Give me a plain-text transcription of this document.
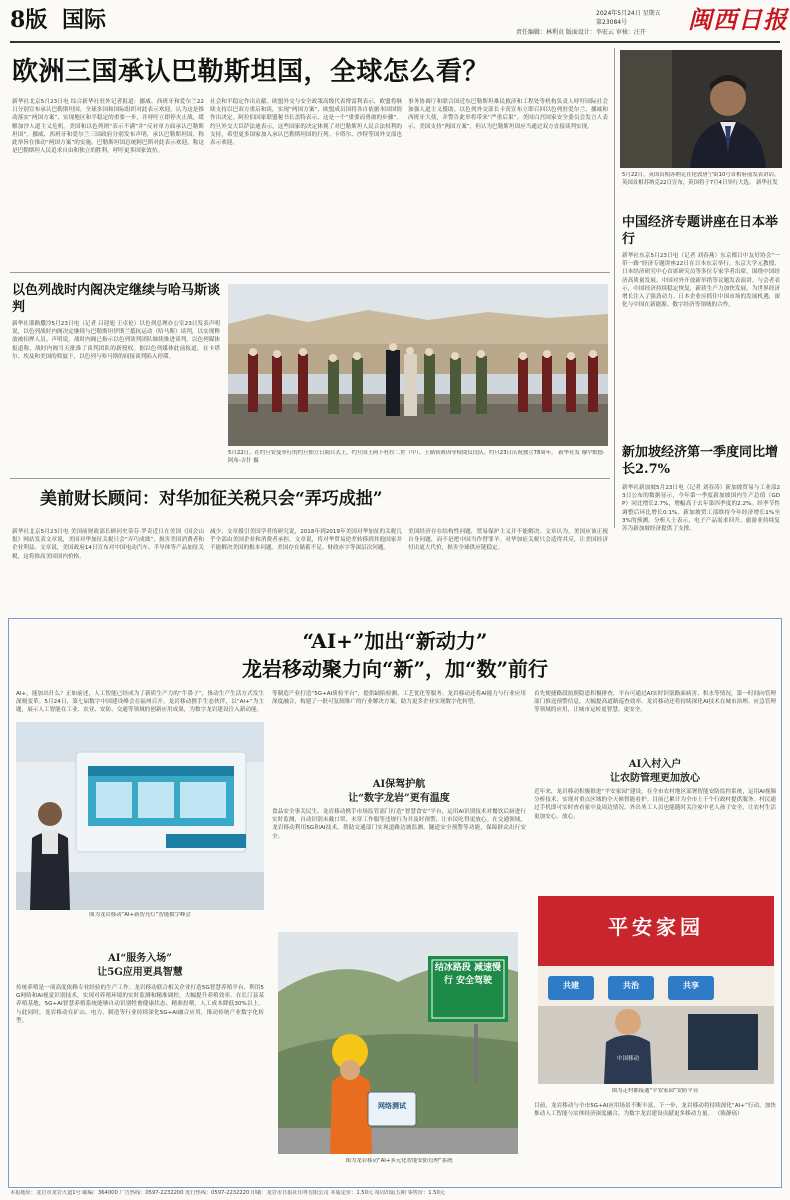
8版 国际	2024年5月24日 星期五
第23084号
责任编辑：林利贞 版面设计：李宏云 审核：汪开 闽西日报
欧洲三国承认巴勒斯坦国，全球怎么看？
新华社北京5月23日电 综合新华社驻外记者报道：挪威、西班牙和爱尔兰22日分别宣布承认巴勒斯坦国。全球多国和国际组织对此表示欢迎，认为这是推动落实“两国方案”、实现地区和平稳定的重要一步，并呼吁立即停火止战，缓解加沙人道主义危机。美国和以色列则“表示不满”并“反对单方面承认巴勒斯坦国”。挪威、西班牙和爱尔兰三国政府分别发布声明，承认巴勒斯坦国，称此举旨在推动“两国方案”的实施。巴勒斯坦国总统阿巴斯对此表示欢迎，称这是巴勒斯坦人民追求自由和独立的胜利，呼吁更多国家效仿。
社会和平稳定作出贡献。欧盟外交与安全政策高级代表博雷利表示，欧盟将继续支持以巴双方重启和谈，实现“两国方案”，欧盟成员国将各自依据本国国情作出决定。阿拉伯国家联盟秘书长盖特表示，这是一个“重要而勇敢的步骤”。约旦外交大臣萨法迪表示，这些国家的决定体现了对巴勒斯坦人民合法权利的支持，希望更多国家加入承认巴勒斯坦国的行列。卡塔尔、沙特等国外交部也表示欢迎。
事务协调厅和联合国近东巴勒斯坦难民救济和工程处等机构负责人呼吁国际社会加强人道主义援助。以色列外交部长卡茨宣布立即召回以色列驻爱尔兰、挪威和西班牙大使，并警告此举将带来“严重后果”。美国白宫国家安全委员会发言人表示，美国支持“两国方案”，但认为巴勒斯坦国应当通过双方直接谈判实现。
5月22日，英国首相苏纳克在伦敦唐宁街10号首相府前发表讲话。英国首相苏纳克22日宣布，英国将于7月4日举行大选。 新华社发
中国经济专题讲座在日本举行
新华社东京5月23日电（记者 刘春燕）东京都日中友好协会“一带一路”经济专题讲座22日在日本东京举行。东京大学元教授、日本经济研究中心首席研究员等多位专家学者出席，围绕中国经济高质量发展、中国对外开放新举措等议题发表演讲。与会者表示，中国经济持续稳定恢复，新质生产力加快发展，为世界经济增长注入了强劲动力。日本企业应抓住中国市场的发展机遇，深化与中国在新能源、数字经济等领域的合作。
新加坡经济第一季度同比增长2.7%
新华社新加坡5月23日电（记者 刘春涛）新加坡贸易与工业部23日公布的数据显示，今年第一季度新加坡国内生产总值（GDP）同比增长2.7%，增幅高于去年第四季度的2.2%。经季节性调整后环比增长0.1%。新加坡贸工部维持今年经济增长1%至3%的预测。分析人士表示，电子产品需求回升、旅游业持续复苏为新加坡经济提供了支撑。
以色列战时内阁决定继续与哈马斯谈判
新华社耶路撒冷5月23日电（记者 吕迎旭 王卓伦）以色列总理办公室23日发表声明说，以色列战时内阁决定继续与巴勒斯坦伊斯兰抵抗运动（哈马斯）谈判，以实现释放被扣押人员。声明说，战时内阁已指示以色列谈判团队继续推进谈判。以色列媒体报道称，战时内阁当天批准了谈判团队的新授权。据以色列媒体此前报道，在卡塔尔、埃及和美国的斡旋下，以色列与哈马斯的间接谈判陷入停滞。
5月22日，在约旦安曼举行的约旦独立日阅兵式上，约旦国王阿卜杜拉二世（中）、王储侯赛因等检阅仪仗队。约旦23日庆祝独立78周年。 新华社发 穆罕默德·阿布-吉什 摄
美前财长顾问：对华加征关税只会“弄巧成拙”
新华社北京5月23日电 美国前财政部长顾问史蒂芬·罗奇近日在美国《国会山报》网站发表文章说，美国对华加征关税只会“弄巧成拙”，损害美国消费者和企业利益。文章说，美国政府14日宣布对中国电动汽车、半导体等产品加征关税，这将推高美国国内价格。
减少。文章援引美国学者的研究说，2018年到2019年美国对华加征的关税几乎全部由美国企业和消费者承担。文章说，将对华贸易逆差转移到其他国家并不能解决美国的根本问题。美国存在储蓄不足、财政赤字等深层次问题。
美国经济存在结构性问题，贸易保护主义并不能解决。文章认为，美国应该正视自身问题，而不是把中国当作替罪羊。对华加征关税只会适得其反，让美国经济付出更大代价，损害全球供应链稳定。
“AI+”加出“新动力”
龙岩移动聚力向“新”，加“数”前行
AI+，能加出什么？正如前述，人工智能已经成为了新质生产力的“牛鼻子”，推动生产生活方式发生深刻变革。5月24日，第七届数字中国建设峰会在福州召开。龙岩移动携手生态伙伴，以“AI+”为主题，展示人工智能在工业、农业、安防、交通等领域的创新应用成果，为数字龙岩建设注入新动能。
图为龙岩移动“AI+新智亮灯”智能数字峰会
AI“服务入场”
让5G应用更具智慧
传统养殖是一项高度依赖专业经验的生产工作。龙岩移动联合相关企业打造5G智慧养殖平台，利用5G网络和AI视觉识别技术，实现对养殖环境的实时监测和精准调控，大幅提升养殖效率。在长汀县某养殖基地，5G+AI智慧养殖系统能够自动识别牲畜健康状态、精准投喂，人工成本降低30%以上。与此同时，龙岩移动在矿山、电力、制造等行业持续深化5G+AI融合应用，推动传统产业数字化转型。
等制造产业打造“5G+AI质检平台”，提供缺陷检测、工艺优化等服务。龙岩移动还将AI能力与行业应用深度融合，构建了一批可复制推广的行业解决方案，助力更多企业实现数字化转型。
AI保驾护航
让“数字龙岩”更有温度
食品安全事关民生。龙岩移动携手市场监管部门打造“智慧食安”平台，运用AI识别技术对餐饮后厨进行实时监测，自动识别未戴口罩、未穿工作服等违规行为并及时预警，让市民吃得更放心。在交通领域，龙岩移动利用5G和AI技术，帮助交通部门实现道路边坡监测、隧道安全预警等功能，保障群众出行安全。
结冰路段 减速慢行 安全驾驶
网络测试
图为龙岩移动“AI+多元化智能安防管理”系统
首先便捷路段拍照隐患积极排查，平台可通过AI实时识别路面病害、积水等情况，第一时间向管理部门推送预警信息，大幅提高道路巡查效率。龙岩移动还将持续深化AI技术在城市治理、应急管理等领域的应用，让城市运转更智慧、更安全。
AI入村入户
让农防管理更加放心
近年来，龙岩移动积极推进“平安家园”建设，在全市农村地区部署智能安防监控系统，运用AI视频分析技术，实现对重点区域的全天候智能看护。目前已累计为全市上千个行政村提供服务。村民通过手机即可实时查看家中及周边情况，外出务工人员也能随时关注家中老人孩子安全，让农村生活更加安心、放心。
平安家园
共建	共治	共享
中国移动
图为走村都接通“平安家园”安防平台
目前，龙岩移动与全市5G+AI应用场景不断丰富，下一步，龙岩移动将持续深化“AI+”行动，加快推动人工智能与实体经济深度融合，为数字龙岩建设贡献更多移动力量。 （陈静瑶）
本报地址：龙岩市龙岩大道1号 邮编：364000 广告热线：0597-2232200 发行热线：0597-2232220 印刷：龙岩市日报社印务有限公司 本版定价：1.50元 每周出版五期 零售价：1.50元
